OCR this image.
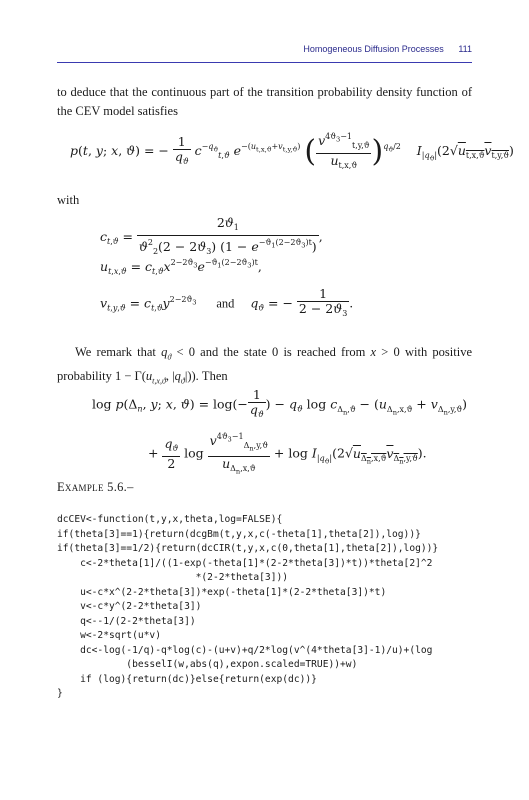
Homogeneous Diffusion Processes 111
to deduce that the continuous part of the transition probability density function of the CEV model satisfies
p(t, y; x, ϑ) = − $\frac{1}{q_ϑ} c^{-q_ϑ}_{t,ϑ}$ $e^{-(u_{t,x,ϑ}+v_{t,y,ϑ})}$ ( $\frac{v^{4ϑ_3-1}_{t,y,ϑ}}{u_{t,x,ϑ}} )^{q_ϑ/2}$ $I_{|q_ϑ|}(2√u_{t,x,ϑ}v_{t,y,ϑ})$
with
$c_{t,ϑ} = \frac{2ϑ_1}{ϑ^2_2(2 - 2ϑ_3) (1 - e^{-ϑ_1(2-2ϑ_3)t})}$ ,
$u_{t,x,ϑ} = c_{t,ϑ}x^{2-2ϑ_3}e^{-ϑ_1(2-2ϑ_3)t}$,
$v_{t,y,ϑ} = c_{t,ϑ}y^{2-2ϑ_3}$ and $q_ϑ$ = − $\frac{1}{2 - 2ϑ_3}$ .
We remark that $q_ϑ < 0$ and the state 0 is reached from x > 0 with positive probability $1 - \Gamma(u_{t,x,ϑ}$, $|q_ϑ|$)). Then
$\log p(\Delta_n$, y; x, $ϑ) = \log(- \frac{1}{q_ϑ}$ ) − $q_ϑ$ $\log c_{\Delta_n,ϑ} - (u_{\Delta_n,x,ϑ} + v_{\Delta_n,y,ϑ})$
+ $\frac{q_ϑ}{2}$ $\log \frac{v^{4ϑ_3-1}_{\Delta_n,y,ϑ}}{u_{\Delta_n,x,ϑ}} + \log I_{|q_ϑ|}(2√u_{\Delta_n,x,ϑ}v_{\Delta_n,y,ϑ})$.
Example 5.6.–
dcCEV<-function(t,y,x,theta,log=FALSE){
if(theta[3]==1){return(dcgBm(t,y,x,c(-theta[1],theta[2]),log))}
if(theta[3]==1/2){return(dcCIR(t,y,x,c(0,theta[1],theta[2]),log))}
c<-2*theta[1]/((1-exp(-theta[1]*(2-2*theta[3])*t))*theta[2]^2
*(2-2*theta[3]))
u<-c*x^(2-2*theta[3])*exp(-theta[1]*(2-2*theta[3])*t)
v<-c*y^(2-2*theta[3])
q<--1/(2-2*theta[3])
w<-2*sqrt(u*v)
dc<-log(-1/q)-q*log(c)-(u+v)+q/2*log(v^(4*theta[3]-1)/u)+(log
(besselI(w,abs(q),expon.scaled=TRUE))+w)
if (log){return(dc)}else{return(exp(dc))}
}
